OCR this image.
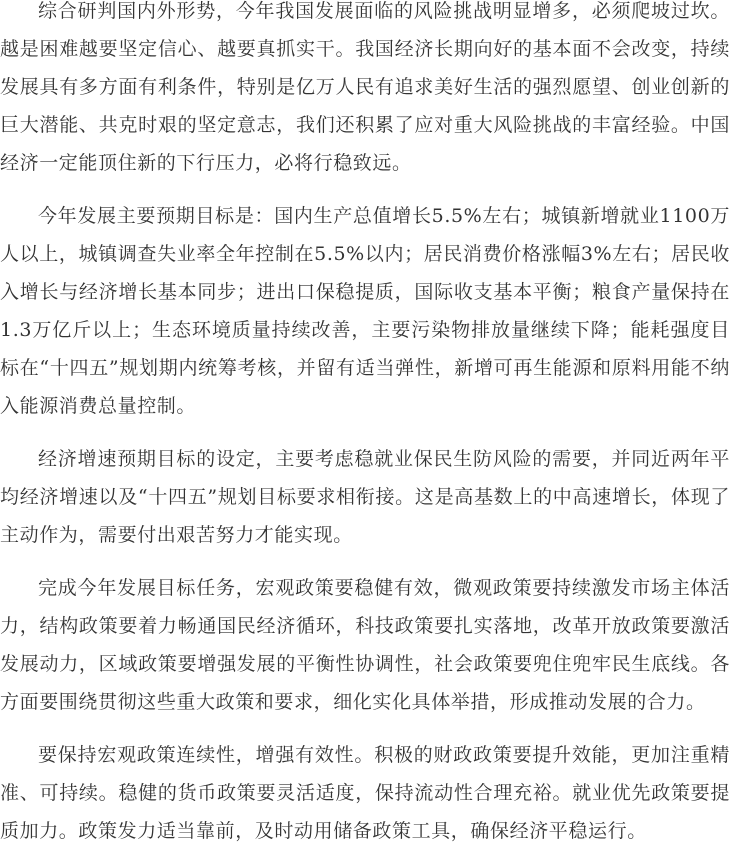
综合研判国内外形势，今年我国发展面临的风险挑战明显增多，必须爬坡过坎。越是困难越要坚定信心、越要真抓实干。我国经济长期向好的基本面不会改变，持续发展具有多方面有利条件，特别是亿万人民有追求美好生活的强烈愿望、创业创新的巨大潜能、共克时艰的坚定意志，我们还积累了应对重大风险挑战的丰富经验。中国经济一定能顶住新的下行压力，必将行稳致远。

今年发展主要预期目标是：国内生产总值增长5.5%左右；城镇新增就业1100万人以上，城镇调查失业率全年控制在5.5%以内；居民消费价格涨幅3%左右；居民收入增长与经济增长基本同步；进出口保稳提质，国际收支基本平衡；粮食产量保持在1.3万亿斤以上；生态环境质量持续改善，主要污染物排放量继续下降；能耗强度目标在“十四五”规划期内统筹考核，并留有适当弹性，新增可再生能源和原料用能不纳入能源消费总量控制。

经济增速预期目标的设定，主要考虑稳就业保民生防风险的需要，并同近两年平均经济增速以及“十四五”规划目标要求相衔接。这是高基数上的中高速增长，体现了主动作为，需要付出艰苦努力才能实现。

完成今年发展目标任务，宏观政策要稳健有效，微观政策要持续激发市场主体活力，结构政策要着力畅通国民经济循环，科技政策要扎实落地，改革开放政策要激活发展动力，区域政策要增强发展的平衡性协调性，社会政策要兜住兜牢民生底线。各方面要围绕贯彻这些重大政策和要求，细化实化具体举措，形成推动发展的合力。

要保持宏观政策连续性，增强有效性。积极的财政政策要提升效能，更加注重精准、可持续。稳健的货币政策要灵活适度，保持流动性合理充裕。就业优先政策要提质加力。政策发力适当靠前，及时动用储备政策工具，确保经济平稳运行。
